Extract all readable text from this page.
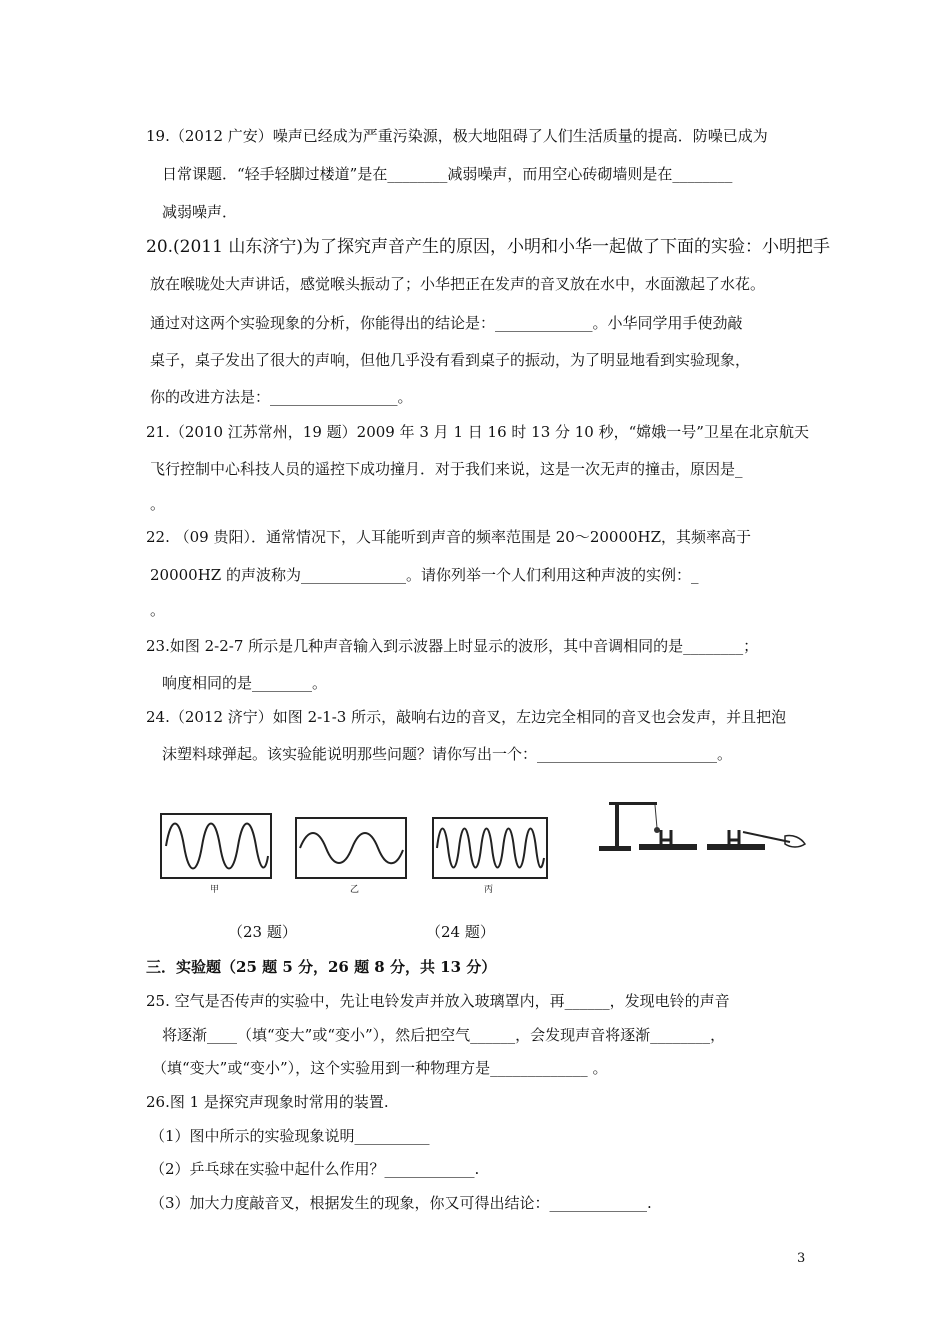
19.（2012 广安）噪声已经成为严重污染源，极大地阻碍了人们生活质量的提高．防噪已成为
日常课题．“轻手轻脚过楼道”是在________减弱噪声，而用空心砖砌墙则是在________
减弱噪声．
20.(2011 山东济宁)为了探究声音产生的原因，小明和小华一起做了下面的实验：小明把手
放在喉咙处大声讲话，感觉喉头振动了；小华把正在发声的音叉放在水中，水面激起了水花。
通过对这两个实验现象的分析，你能得出的结论是：_____________。小华同学用手使劲敲
桌子，桌子发出了很大的声响，但他几乎没有看到桌子的振动，为了明显地看到实验现象，
你的改进方法是：_________________。
21.（2010 江苏常州，19 题）2009 年 3 月 1 日 16 时 13 分 10 秒，“嫦娥一号”卫星在北京航天
飞行控制中心科技人员的遥控下成功撞月．对于我们来说，这是一次无声的撞击，原因是_
。
22. （09 贵阳）．通常情况下，人耳能听到声音的频率范围是 20～20000HZ，其频率高于
20000HZ 的声波称为______________。请你列举一个人们利用这种声波的实例：_
。
23.如图 2-2-7 所示是几种声音输入到示波器上时显示的波形，其中音调相同的是________；
响度相同的是________。
24.（2012 济宁）如图 2-1-3 所示，敲响右边的音叉，左边完全相同的音叉也会发声，并且把泡
沫塑料球弹起。该实验能说明那些问题？请你写出一个：________________________。
甲	乙	丙
（23 题）	（24 题）
三．实验题（25 题 5 分，26 题 8 分，共 13 分）
25. 空气是否传声的实验中，先让电铃发声并放入玻璃罩内，再______，发现电铃的声音
将逐渐____（填“变大”或“变小”），然后把空气______，会发现声音将逐渐________，
（填“变大”或“变小”），这个实验用到一种物理方是_____________ 。
26.图 1 是探究声现象时常用的装置.
（1）图中所示的实验现象说明__________
（2）乒乓球在实验中起什么作用？____________.
（3）加大力度敲音叉，根据发生的现象，你又可得出结论：_____________.
3
